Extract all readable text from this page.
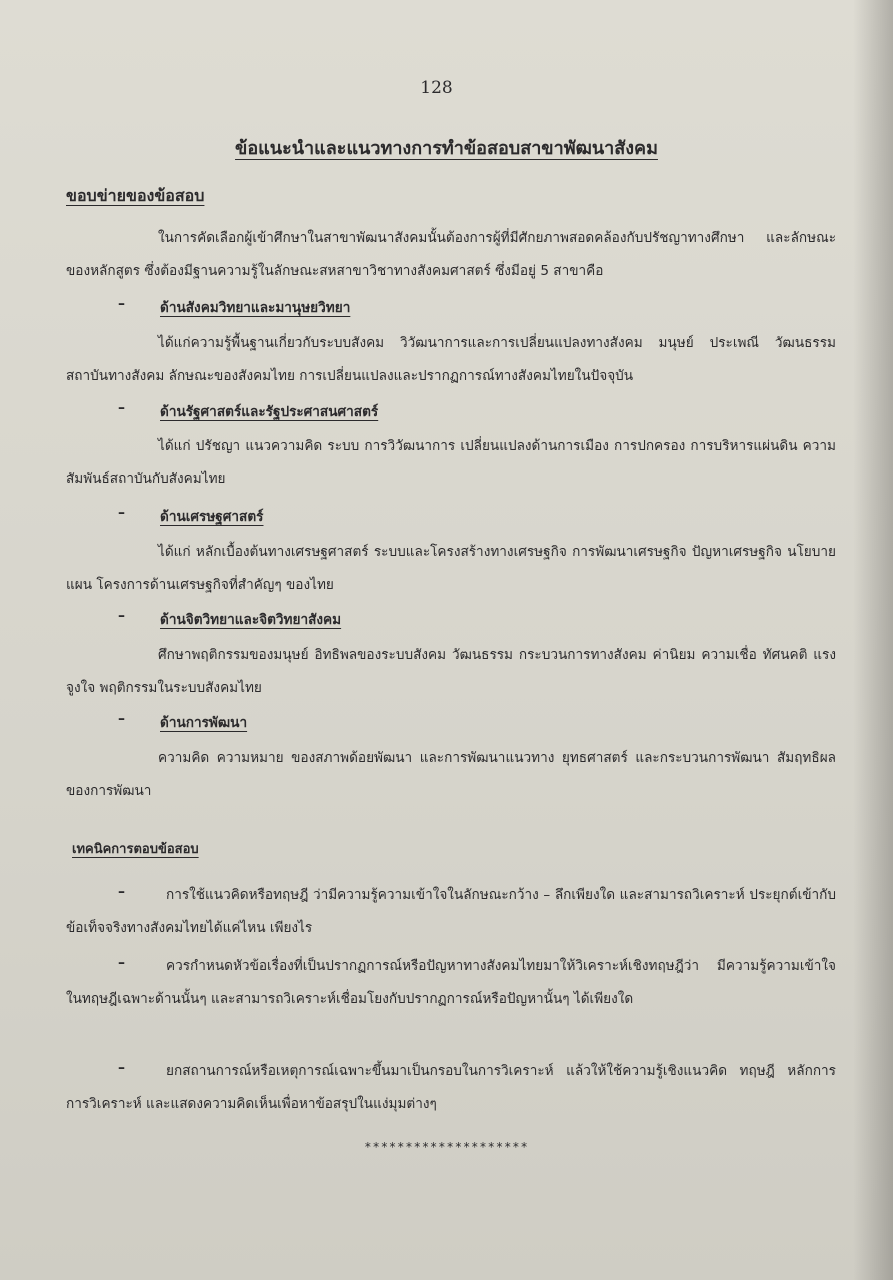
128
ข้อแนะนำและแนวทางการทำข้อสอบสาขาพัฒนาสังคม
ขอบข่ายของข้อสอบ
ในการคัดเลือกผู้เข้าศึกษาในสาขาพัฒนาสังคมนั้นต้องการผู้ที่มีศักยภาพสอดคล้องกับปรัชญาทางศึกษา และลักษณะของหลักสูตร ซึ่งต้องมีฐานความรู้ในลักษณะสหสาขาวิชาทางสังคมศาสตร์ ซึ่งมีอยู่ 5 สาขาคือ
–	ด้านสังคมวิทยาและมานุษยวิทยา
ได้แก่ความรู้พื้นฐานเกี่ยวกับระบบสังคม วิวัฒนาการและการเปลี่ยนแปลงทางสังคม มนุษย์ ประเพณี วัฒนธรรม สถาบันทางสังคม ลักษณะของสังคมไทย การเปลี่ยนแปลงและปรากฏการณ์ทางสังคมไทยในปัจจุบัน
–	ด้านรัฐศาสตร์และรัฐประศาสนศาสตร์
ได้แก่ ปรัชญา แนวความคิด ระบบ การวิวัฒนาการ เปลี่ยนแปลงด้านการเมือง การปกครอง การบริหารแผ่นดิน ความสัมพันธ์สถาบันกับสังคมไทย
–	ด้านเศรษฐศาสตร์
ได้แก่ หลักเบื้องต้นทางเศรษฐศาสตร์ ระบบและโครงสร้างทางเศรษฐกิจ การพัฒนาเศรษฐกิจ ปัญหาเศรษฐกิจ นโยบาย แผน โครงการด้านเศรษฐกิจที่สำคัญๆ ของไทย
–	ด้านจิตวิทยาและจิตวิทยาสังคม
ศึกษาพฤติกรรมของมนุษย์ อิทธิพลของระบบสังคม วัฒนธรรม กระบวนการทางสังคม ค่านิยม ความเชื่อ ทัศนคติ แรงจูงใจ พฤติกรรมในระบบสังคมไทย
–	ด้านการพัฒนา
ความคิด ความหมาย ของสภาพด้อยพัฒนา และการพัฒนาแนวทาง ยุทธศาสตร์ และกระบวนการพัฒนา สัมฤทธิผลของการพัฒนา
เทคนิคการตอบข้อสอบ
–	การใช้แนวคิดหรือทฤษฎี ว่ามีความรู้ความเข้าใจในลักษณะกว้าง – ลึกเพียงใด และสามารถวิเคราะห์ ประยุกต์เข้ากับข้อเท็จจริงทางสังคมไทยได้แค่ไหน เพียงไร
–	ควรกำหนดหัวข้อเรื่องที่เป็นปรากฏการณ์หรือปัญหาทางสังคมไทยมาให้วิเคราะห์เชิงทฤษฎีว่า มีความรู้ความเข้าใจในทฤษฎีเฉพาะด้านนั้นๆ และสามารถวิเคราะห์เชื่อมโยงกับปรากฏการณ์หรือปัญหานั้นๆ ได้เพียงใด
–	ยกสถานการณ์หรือเหตุการณ์เฉพาะขึ้นมาเป็นกรอบในการวิเคราะห์ แล้วให้ใช้ความรู้เชิงแนวคิด ทฤษฎี หลักการ การวิเคราะห์ และแสดงความคิดเห็นเพื่อหาข้อสรุปในแง่มุมต่างๆ
********************
